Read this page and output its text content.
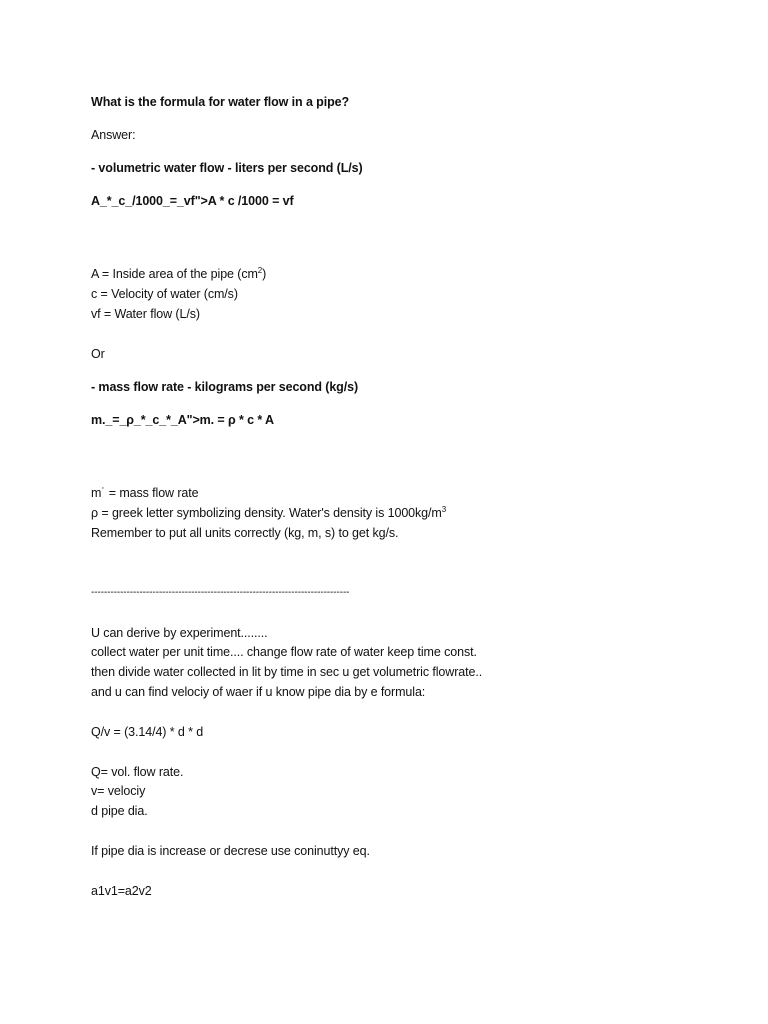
What is the formula for water flow in a pipe?
Answer:
- volumetric water flow - liters per second (L/s)
A_*_c_/1000_=_vf">A * c /1000 = vf
A = Inside area of the pipe $(cm^2)$
c = Velocity of water (cm/s)
vf = Water flow (L/s)
Or
- mass flow rate - kilograms per second (kg/s)
m._=_ρ_*_c_*_A">m. = ρ * c * A
m˙ = mass flow rate
ρ = greek letter symbolizing density. Water's density is $1000kg/m^3$
Remember to put all units correctly (kg, m, s) to get kg/s.
--------------------------------------------------------------------------------
U can derive by experiment........
collect water per unit time.... change flow rate of water keep time const.
then divide water collected in lit by time in sec u get volumetric flowrate..
and u can find velociy of waer if u know pipe dia by e formula:
Q/v = (3.14/4) * d * d
Q= vol. flow rate.
v= velociy
d pipe dia.
If pipe dia is increase or decrese use coninuttyy eq.
a1v1=a2v2
